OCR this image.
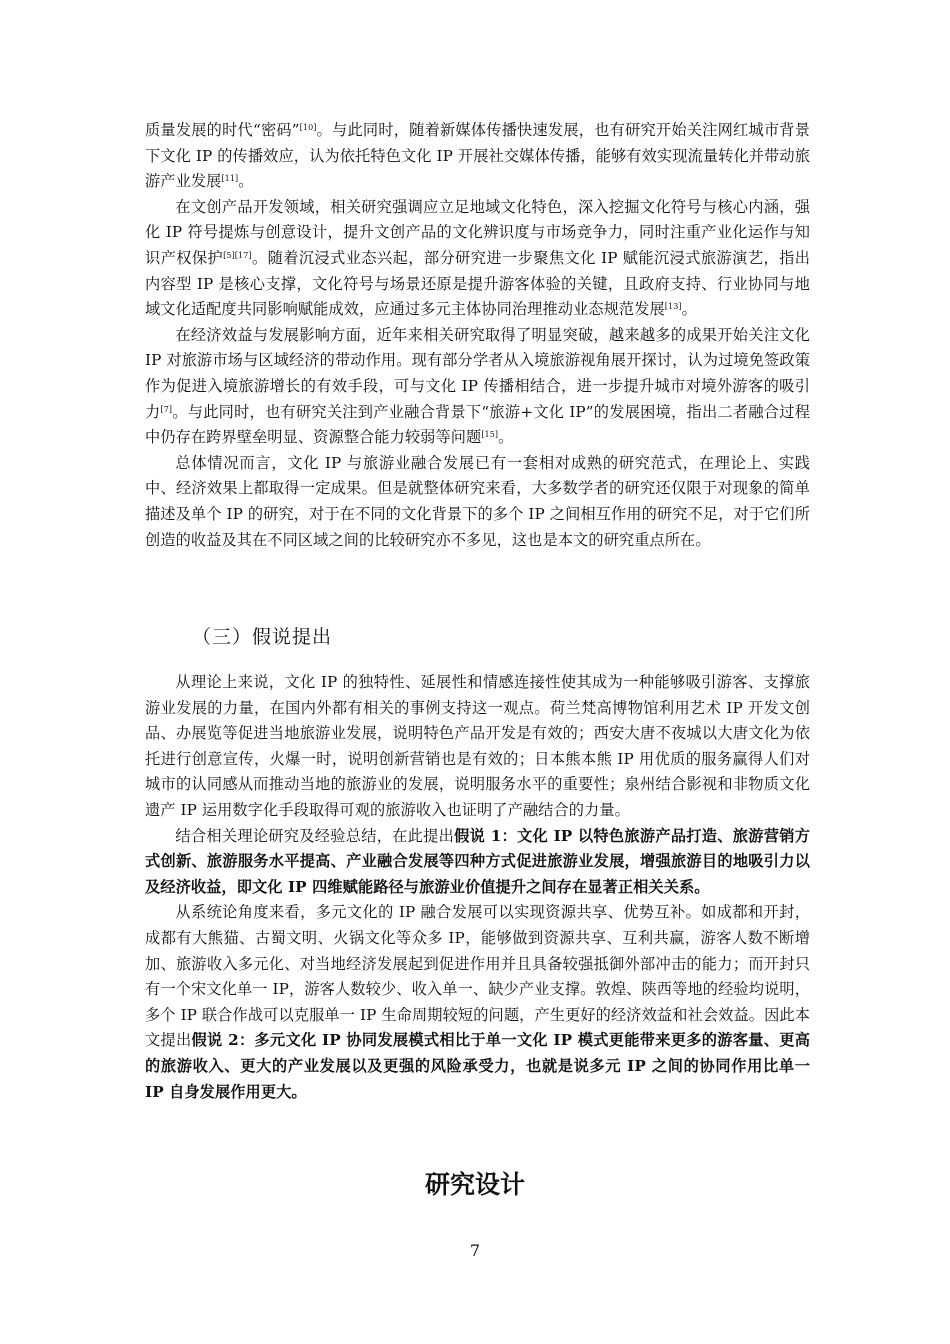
质量发展的时代“密码”[10]。与此同时，随着新媒体传播快速发展，也有研究开始关注网红城市背景下文化 IP 的传播效应，认为依托特色文化 IP 开展社交媒体传播，能够有效实现流量转化并带动旅游产业发展[11]。

在文创产品开发领域，相关研究强调应立足地域文化特色，深入挖掘文化符号与核心内涵，强化 IP 符号提炼与创意设计，提升文创产品的文化辨识度与市场竞争力，同时注重产业化运作与知识产权保护[5][17]。随着沉浸式业态兴起，部分研究进一步聚焦文化 IP 赋能沉浸式旅游演艺，指出内容型 IP 是核心支撑，文化符号与场景还原是提升游客体验的关键，且政府支持、行业协同与地域文化适配度共同影响赋能成效，应通过多元主体协同治理推动业态规范发展[13]。

在经济效益与发展影响方面，近年来相关研究取得了明显突破，越来越多的成果开始关注文化 IP 对旅游市场与区域经济的带动作用。现有部分学者从入境旅游视角展开探讨，认为过境免签政策作为促进入境旅游增长的有效手段，可与文化 IP 传播相结合，进一步提升城市对境外游客的吸引力[7]。与此同时，也有研究关注到产业融合背景下“旅游+文化 IP”的发展困境，指出二者融合过程中仍存在跨界壁垒明显、资源整合能力较弱等问题[15]。

总体情况而言，文化 IP 与旅游业融合发展已有一套相对成熟的研究范式，在理论上、实践中、经济效果上都取得一定成果。但是就整体研究来看，大多数学者的研究还仅限于对现象的简单描述及单个 IP 的研究，对于在不同的文化背景下的多个 IP 之间相互作用的研究不足，对于它们所创造的收益及其在不同区域之间的比较研究亦不多见，这也是本文的研究重点所在。

（三）假说提出

从理论上来说，文化 IP 的独特性、延展性和情感连接性使其成为一种能够吸引游客、支撑旅游业发展的力量，在国内外都有相关的事例支持这一观点。荷兰梵高博物馆利用艺术 IP 开发文创品、办展览等促进当地旅游业发展，说明特色产品开发是有效的；西安大唐不夜城以大唐文化为依托进行创意宣传，火爆一时，说明创新营销也是有效的；日本熊本熊 IP 用优质的服务赢得人们对城市的认同感从而推动当地的旅游业的发展，说明服务水平的重要性；泉州结合影视和非物质文化遗产 IP 运用数字化手段取得可观的旅游收入也证明了产融结合的力量。

结合相关理论研究及经验总结，在此提出假说 1：文化 IP 以特色旅游产品打造、旅游营销方式创新、旅游服务水平提高、产业融合发展等四种方式促进旅游业发展，增强旅游目的地吸引力以及经济收益，即文化 IP 四维赋能路径与旅游业价值提升之间存在显著正相关关系。

从系统论角度来看，多元文化的 IP 融合发展可以实现资源共享、优势互补。如成都和开封，成都有大熊猫、古蜀文明、火锅文化等众多 IP，能够做到资源共享、互利共赢，游客人数不断增加、旅游收入多元化、对当地经济发展起到促进作用并且具备较强抵御外部冲击的能力；而开封只有一个宋文化单一 IP，游客人数较少、收入单一、缺少产业支撑。敦煌、陕西等地的经验均说明，多个 IP 联合作战可以克服单一 IP 生命周期较短的问题，产生更好的经济效益和社会效益。因此本文提出假说 2：多元文化 IP 协同发展模式相比于单一文化 IP 模式更能带来更多的游客量、更高的旅游收入、更大的产业发展以及更强的风险承受力，也就是说多元 IP 之间的协同作用比单一 IP 自身发展作用更大。

研究设计
7
